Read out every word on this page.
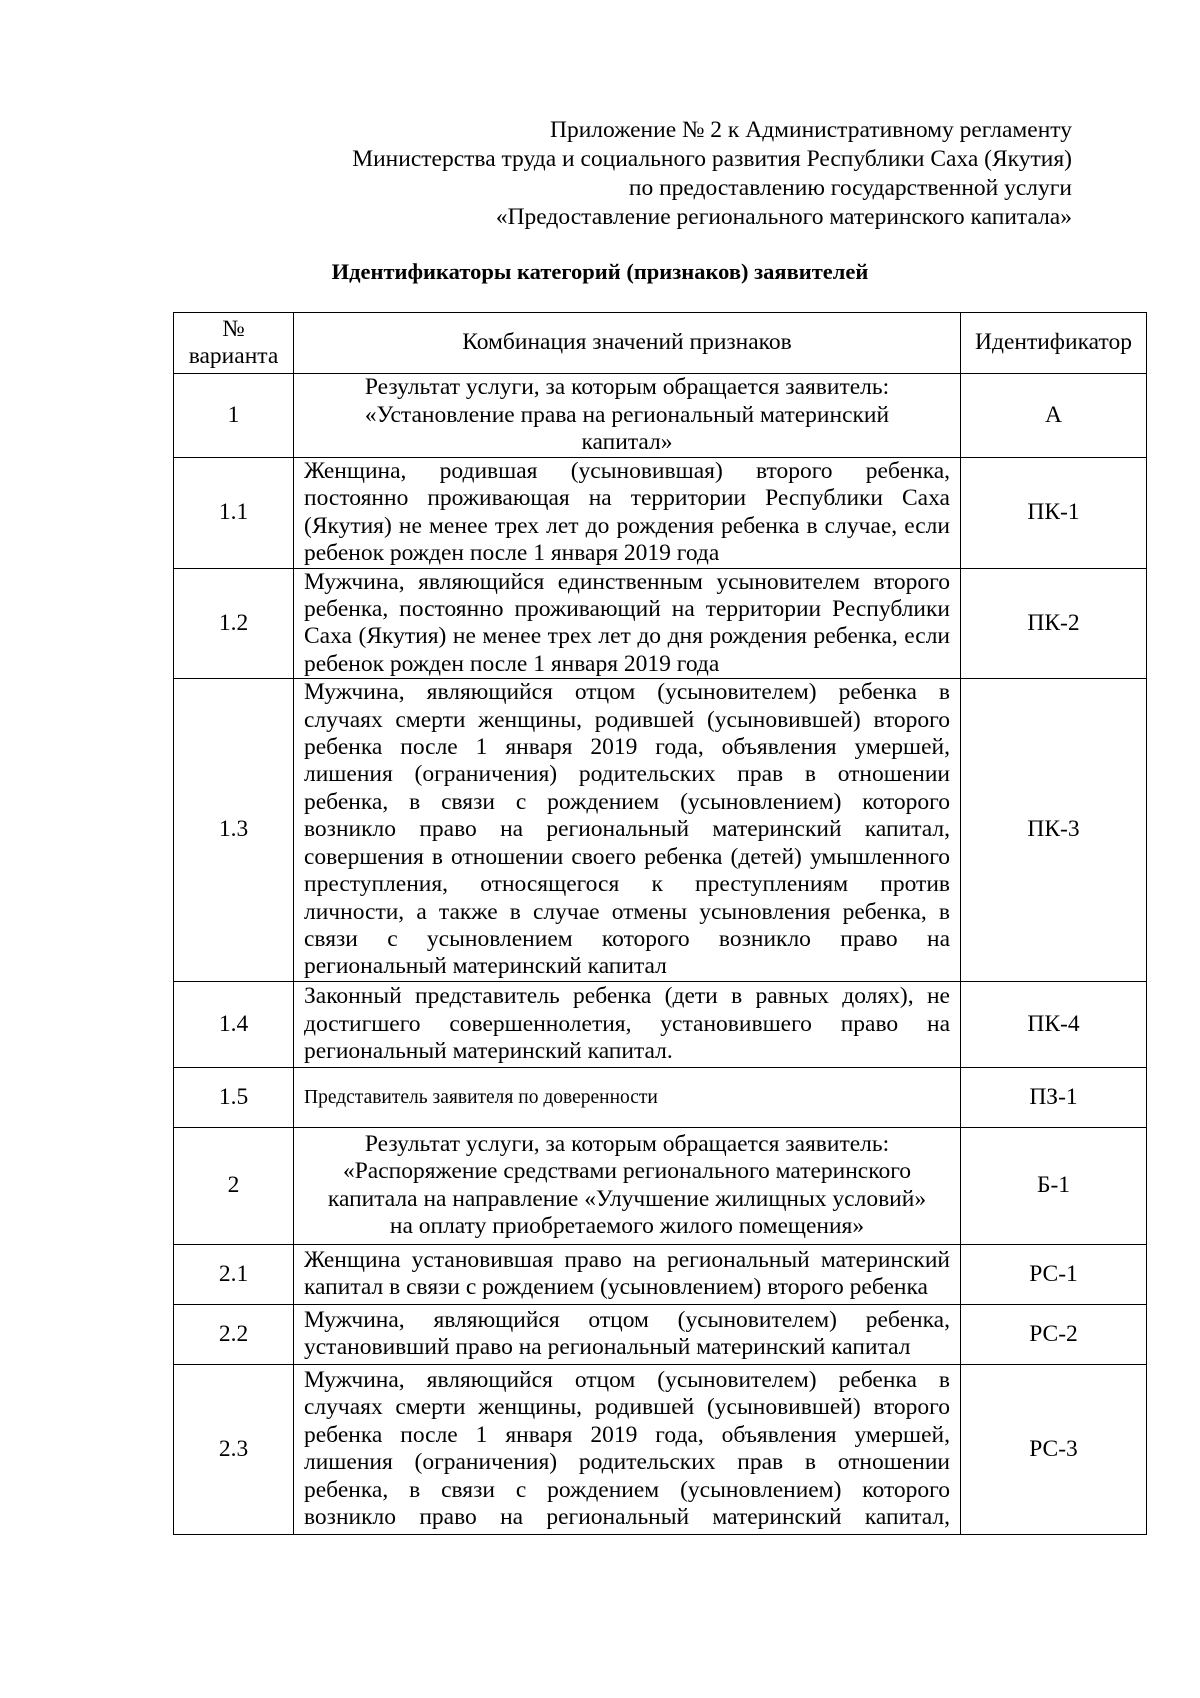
Приложение № 2 к Административному регламенту
Министерства труда и социального развития Республики Саха (Якутия)
по предоставлению государственной услуги
«Предоставление регионального материнского капитала»
Идентификаторы категорий (признаков) заявителей
№
варианта	Комбинация значений признаков	Идентификатор
1	Результат услуги, за которым обращается заявитель:
«Установление права на региональный материнский
капитал»	А
1.1	Женщина, родившая (усыновившая) второго ребенка, постоянно проживающая на территории Республики Саха (Якутия) не менее трех лет до рождения ребенка в случае, если ребенок рожден после 1 января 2019 года	ПК-1
1.2	Мужчина, являющийся единственным усыновителем второго ребенка, постоянно проживающий на территории Республики Саха (Якутия) не менее трех лет до дня рождения ребенка, если ребенок рожден после 1 января 2019 года	ПК-2
1.3	Мужчина, являющийся отцом (усыновителем) ребенка в случаях смерти женщины, родившей (усыновившей) второго ребенка после 1 января 2019 года, объявления умершей, лишения (ограничения) родительских прав в отношении ребенка, в связи с рождением (усыновлением) которого возникло право на региональный материнский капитал, совершения в отношении своего ребенка (детей) умышленного преступления, относящегося к преступлениям против личности, а также в случае отмены усыновления ребенка, в связи с усыновлением которого возникло право на региональный материнский капитал	ПК-3
1.4	Законный представитель ребенка (дети в равных долях), не достигшего совершеннолетия, установившего право на региональный материнский капитал.	ПК-4
1.5	Представитель заявителя по доверенности	ПЗ-1
2	Результат услуги, за которым обращается заявитель:
«Распоряжение средствами регионального материнского
капитала на направление «Улучшение жилищных условий»
на оплату приобретаемого жилого помещения»	Б-1
2.1	Женщина установившая право на региональный материнский капитал в связи с рождением (усыновлением) второго ребенка	РС-1
2.2	Мужчина, являющийся отцом (усыновителем) ребенка, установивший право на региональный материнский капитал	РС-2
2.3	Мужчина, являющийся отцом (усыновителем) ребенка в случаях смерти женщины, родившей (усыновившей) второго ребенка после 1 января 2019 года, объявления умершей, лишения (ограничения) родительских прав в отношении ребенка, в связи с рождением (усыновлением) которого возникло право на региональный материнский капитал,	РС-3
